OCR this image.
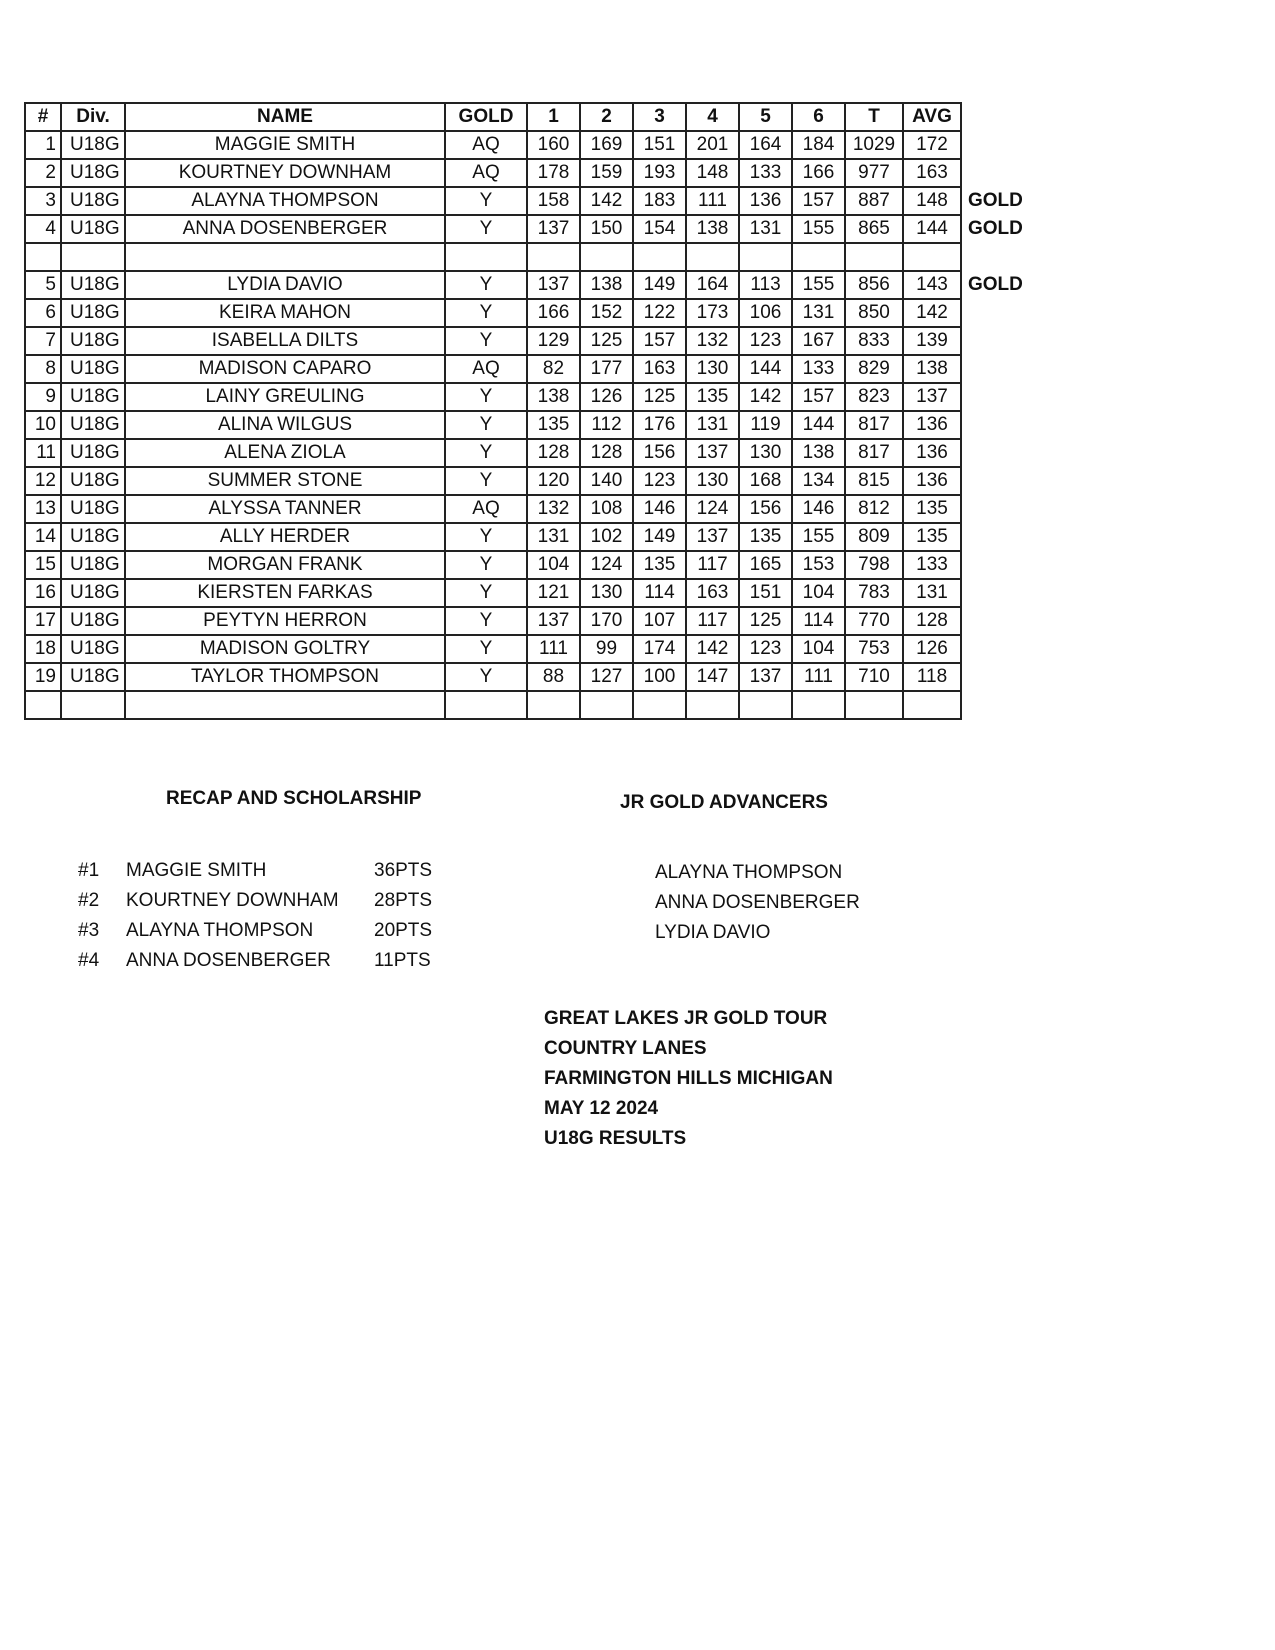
#	Div.	NAME	GOLD	1	2	3	4	5	6	T	AVG	
1	U18G	MAGGIE SMITH	AQ	160	169	151	201	164	184	1029	172	
2	U18G	KOURTNEY DOWNHAM	AQ	178	159	193	148	133	166	977	163	
3	U18G	ALAYNA THOMPSON	Y	158	142	183	111	136	157	887	148	GOLD
4	U18G	ANNA DOSENBERGER	Y	137	150	154	138	131	155	865	144	GOLD

5	U18G	LYDIA DAVIO	Y	137	138	149	164	113	155	856	143	GOLD
6	U18G	KEIRA MAHON	Y	166	152	122	173	106	131	850	142	
7	U18G	ISABELLA DILTS	Y	129	125	157	132	123	167	833	139	
8	U18G	MADISON CAPARO	AQ	82	177	163	130	144	133	829	138	
9	U18G	LAINY GREULING	Y	138	126	125	135	142	157	823	137	
10	U18G	ALINA WILGUS	Y	135	112	176	131	119	144	817	136	
11	U18G	ALENA ZIOLA	Y	128	128	156	137	130	138	817	136	
12	U18G	SUMMER STONE	Y	120	140	123	130	168	134	815	136	
13	U18G	ALYSSA TANNER	AQ	132	108	146	124	156	146	812	135	
14	U18G	ALLY HERDER	Y	131	102	149	137	135	155	809	135	
15	U18G	MORGAN FRANK	Y	104	124	135	117	165	153	798	133	
16	U18G	KIERSTEN FARKAS	Y	121	130	114	163	151	104	783	131	
17	U18G	PEYTYN HERRON	Y	137	170	107	117	125	114	770	128	
18	U18G	MADISON GOLTRY	Y	111	99	174	142	123	104	753	126	
19	U18G	TAYLOR THOMPSON	Y	88	127	100	147	137	111	710	118	

RECAP AND SCHOLARSHIP
#1	MAGGIE SMITH	36PTS
#2	KOURTNEY DOWNHAM	28PTS
#3	ALAYNA THOMPSON	20PTS
#4	ANNA DOSENBERGER	11PTS
JR GOLD ADVANCERS
ALAYNA THOMPSON
ANNA DOSENBERGER
LYDIA DAVIO
GREAT LAKES JR GOLD TOUR
COUNTRY LANES
FARMINGTON HILLS MICHIGAN
MAY 12 2024
U18G RESULTS
